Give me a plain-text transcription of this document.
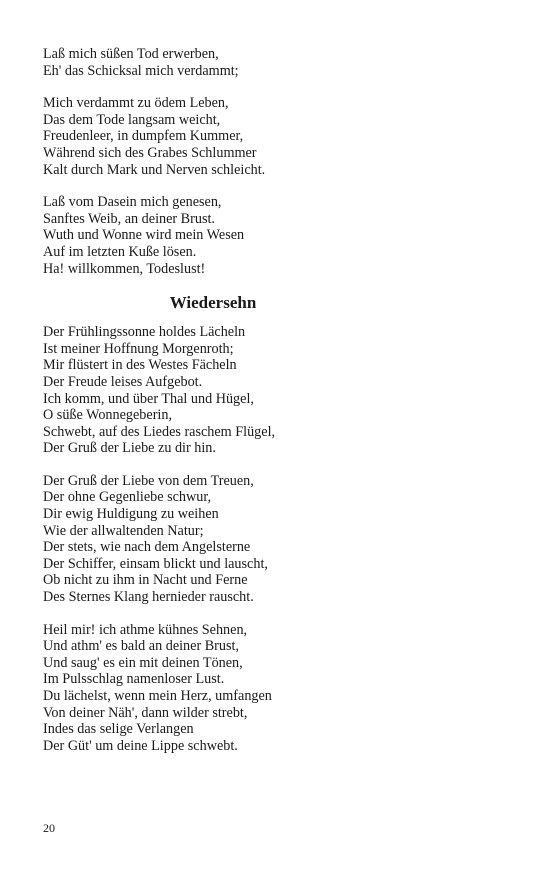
Laß mich süßen Tod erwerben,
Eh' das Schicksal mich verdammt;
Mich verdammt zu ödem Leben,
Das dem Tode langsam weicht,
Freudenleer, in dumpfem Kummer,
Während sich des Grabes Schlummer
Kalt durch Mark und Nerven schleicht.
Laß vom Dasein mich genesen,
Sanftes Weib, an deiner Brust.
Wuth und Wonne wird mein Wesen
Auf im letzten Kuße lösen.
Ha! willkommen, Todeslust!
Wiedersehn
Der Frühlingssonne holdes Lächeln
Ist meiner Hoffnung Morgenroth;
Mir flüstert in des Westes Fächeln
Der Freude leises Aufgebot.
Ich komm, und über Thal und Hügel,
O süße Wonnegeberin,
Schwebt, auf des Liedes raschem Flügel,
Der Gruß der Liebe zu dir hin.
Der Gruß der Liebe von dem Treuen,
Der ohne Gegenliebe schwur,
Dir ewig Huldigung zu weihen
Wie der allwaltenden Natur;
Der stets, wie nach dem Angelsterne
Der Schiffer, einsam blickt und lauscht,
Ob nicht zu ihm in Nacht und Ferne
Des Sternes Klang hernieder rauscht.
Heil mir! ich athme kühnes Sehnen,
Und athm' es bald an deiner Brust,
Und saug' es ein mit deinen Tönen,
Im Pulsschlag namenloser Lust.
Du lächelst, wenn mein Herz, umfangen
Von deiner Näh', dann wilder strebt,
Indes das selige Verlangen
Der Güt' um deine Lippe schwebt.
20
